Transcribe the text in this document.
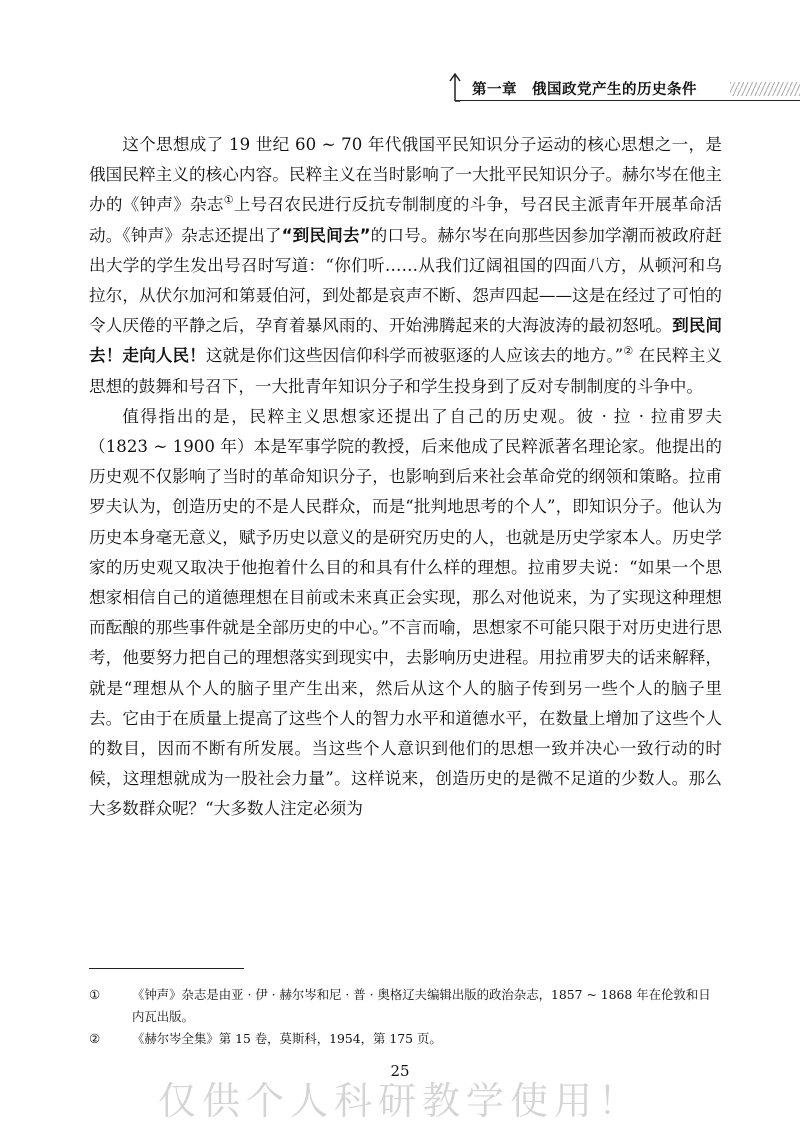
第一章　俄国政党产生的历史条件

这个思想成了 19 世纪 60 ~ 70 年代俄国平民知识分子运动的核心思想之一，是俄国民粹主义的核心内容。民粹主义在当时影响了一大批平民知识分子。赫尔岑在他主办的《钟声》杂志①上号召农民进行反抗专制制度的斗争，号召民主派青年开展革命活动。《钟声》杂志还提出了“到民间去”的口号。赫尔岑在向那些因参加学潮而被政府赶出大学的学生发出号召时写道：“你们听……从我们辽阔祖国的四面八方，从顿河和乌拉尔，从伏尔加河和第聂伯河，到处都是哀声不断、怨声四起——这是在经过了可怕的令人厌倦的平静之后，孕育着暴风雨的、开始沸腾起来的大海波涛的最初怒吼。到民间去！走向人民！这就是你们这些因信仰科学而被驱逐的人应该去的地方。”② 在民粹主义思想的鼓舞和号召下，一大批青年知识分子和学生投身到了反对专制制度的斗争中。

值得指出的是，民粹主义思想家还提出了自己的历史观。彼 · 拉 · 拉甫罗夫（1823 ~ 1900 年）本是军事学院的教授，后来他成了民粹派著名理论家。他提出的历史观不仅影响了当时的革命知识分子，也影响到后来社会革命党的纲领和策略。拉甫罗夫认为，创造历史的不是人民群众，而是“批判地思考的个人”，即知识分子。他认为历史本身毫无意义，赋予历史以意义的是研究历史的人，也就是历史学家本人。历史学家的历史观又取决于他抱着什么目的和具有什么样的理想。拉甫罗夫说：“如果一个思想家相信自己的道德理想在目前或未来真正会实现，那么对他说来，为了实现这种理想而酝酿的那些事件就是全部历史的中心。”不言而喻，思想家不可能只限于对历史进行思考，他要努力把自己的理想落实到现实中，去影响历史进程。用拉甫罗夫的话来解释，就是“理想从个人的脑子里产生出来，然后从这个人的脑子传到另一些个人的脑子里去。它由于在质量上提高了这些个人的智力水平和道德水平，在数量上增加了这些个人的数目，因而不断有所发展。当这些个人意识到他们的思想一致并决心一致行动的时候，这理想就成为一股社会力量”。这样说来，创造历史的是微不足道的少数人。那么大多数群众呢？“大多数人注定必须为

①	《钟声》杂志是由亚 · 伊 · 赫尔岑和尼 · 普 · 奥格辽夫编辑出版的政治杂志，1857 ~ 1868 年在伦敦和日内瓦出版。

②	《赫尔岑全集》第 15 卷，莫斯科，1954，第 175 页。

25
仅供个人科研教学使用！
